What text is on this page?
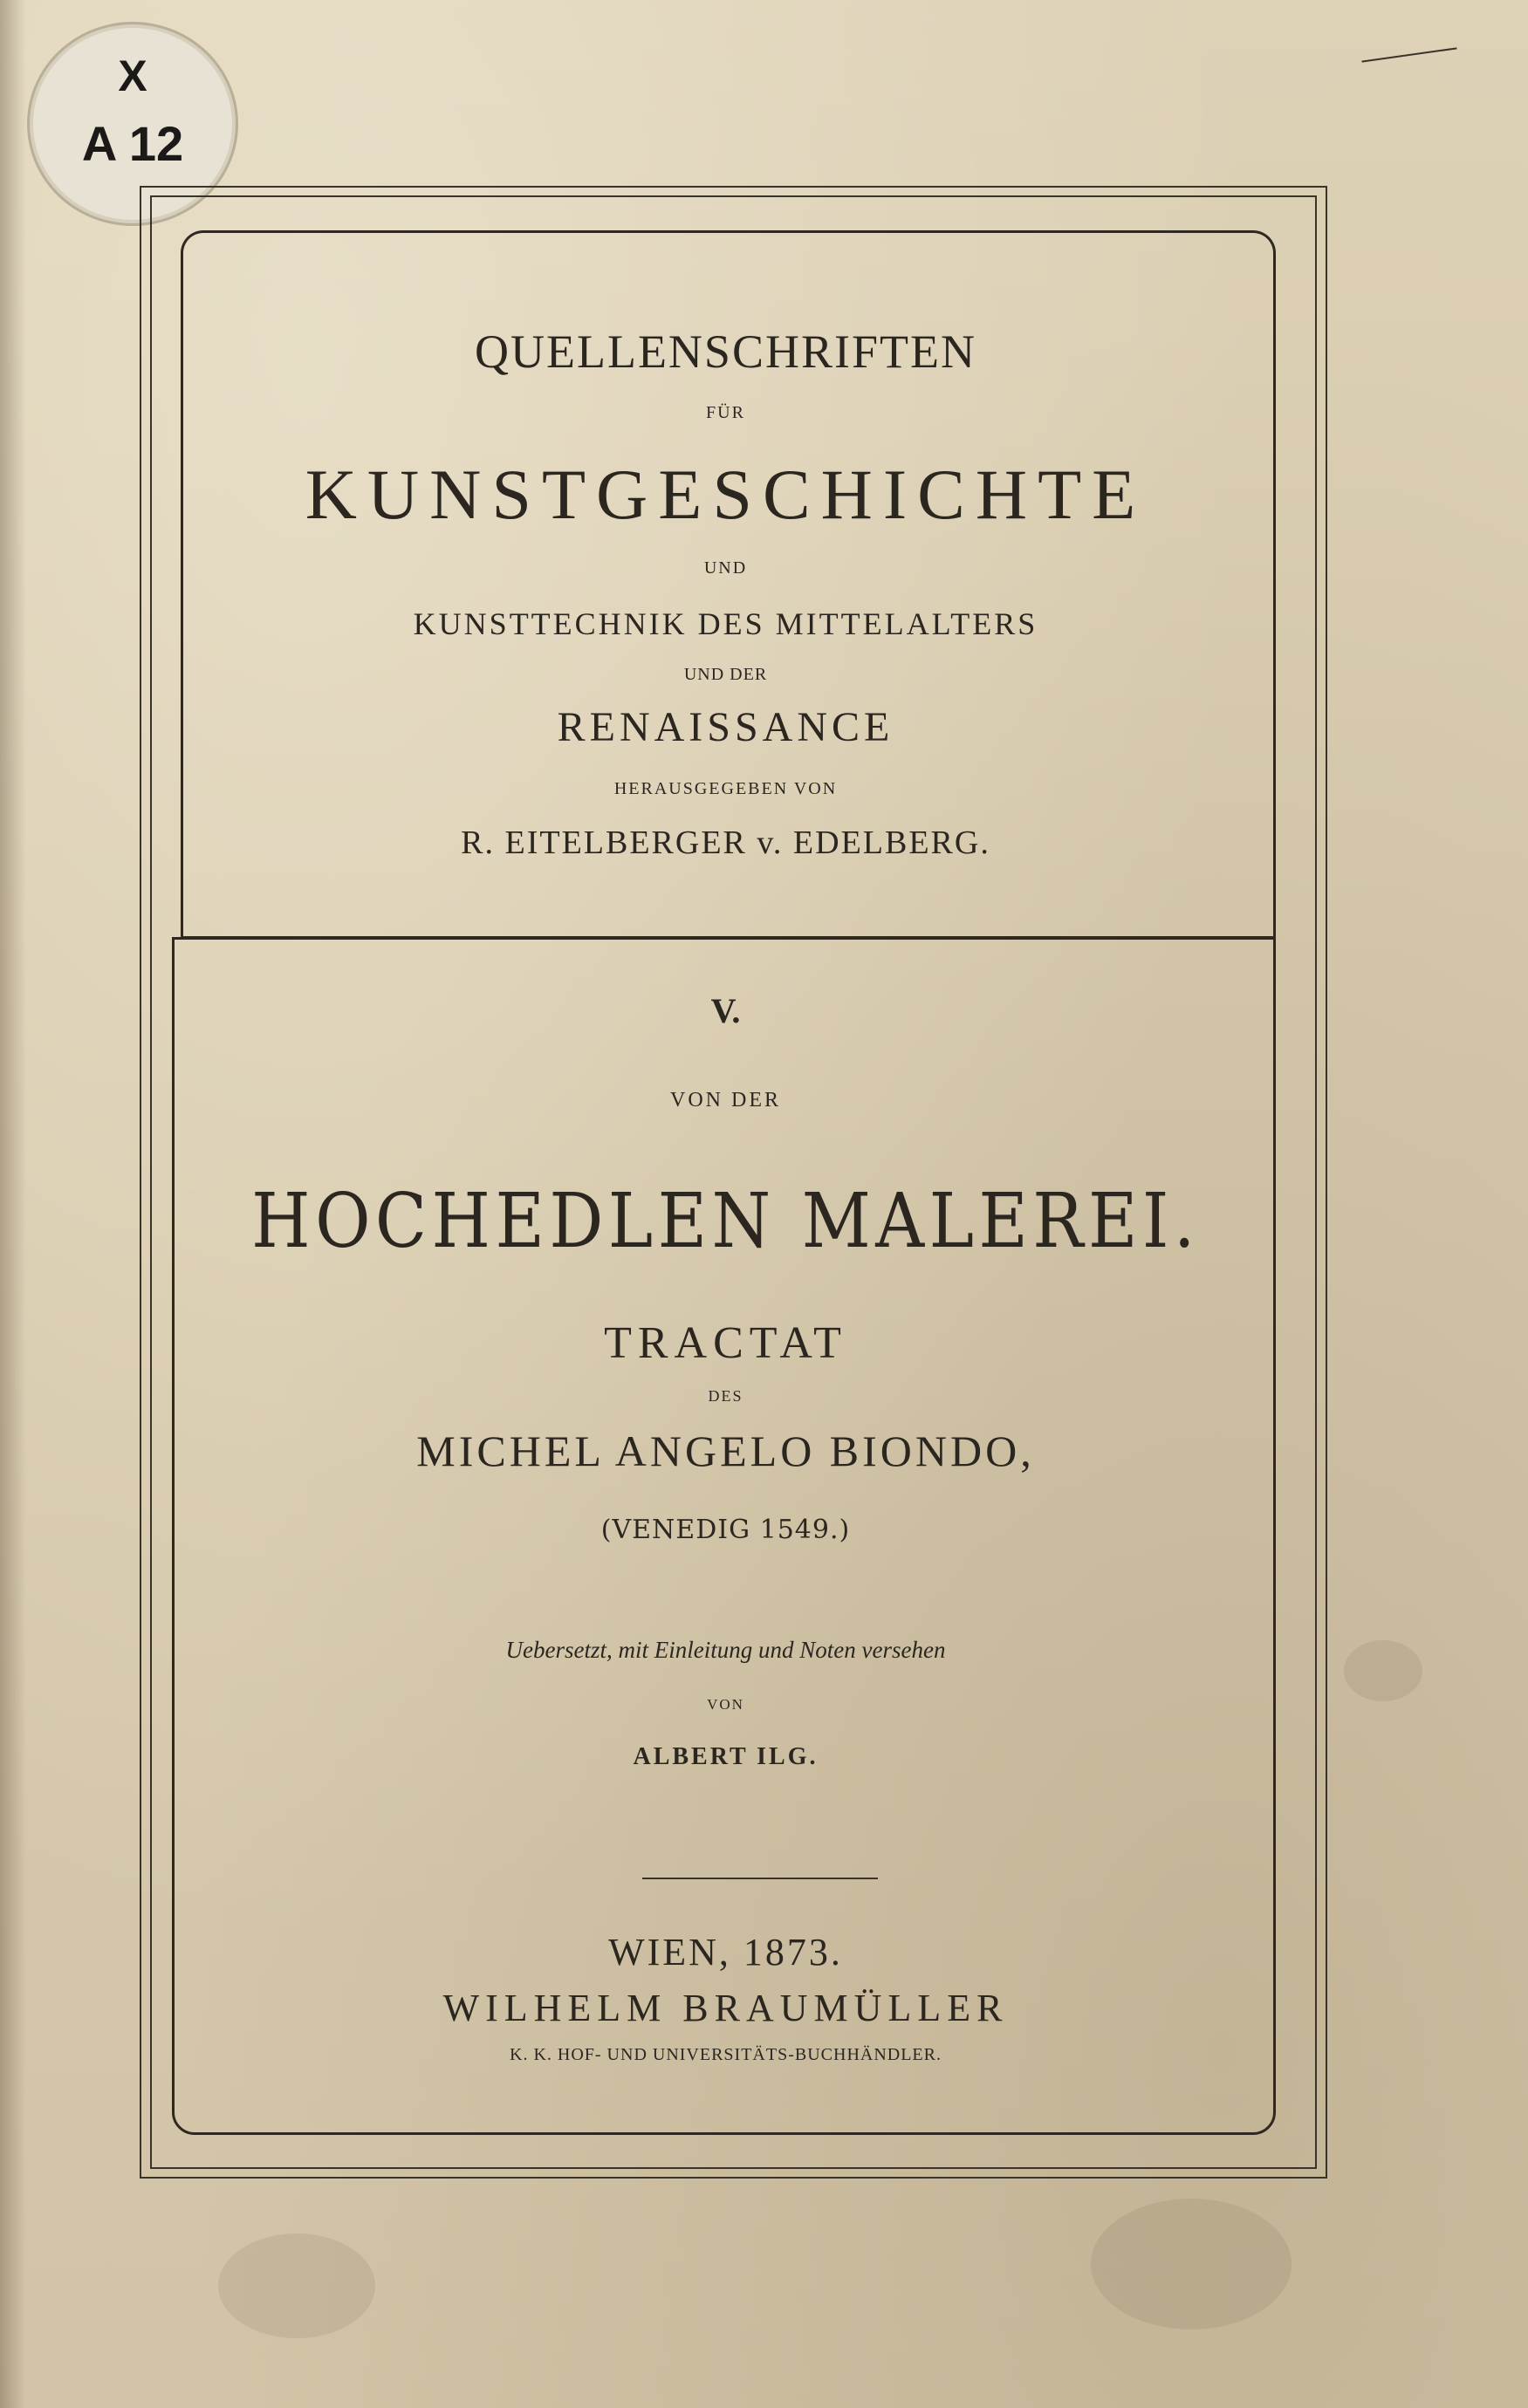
X
A 12

QUELLENSCHRIFTEN

FÜR

KUNSTGESCHICHTE

UND

KUNSTTECHNIK DES MITTELALTERS

UND DER

RENAISSANCE

HERAUSGEGEBEN VON

R. EITELBERGER v. EDELBERG.

V.

VON DER

HOCHEDLEN MALEREI.

TRACTAT

DES

MICHEL ANGELO BIONDO,

(VENEDIG 1549.)

Uebersetzt, mit Einleitung und Noten versehen

VON

ALBERT ILG.

WIEN, 1873.

WILHELM BRAUMÜLLER

K. K. HOF- UND UNIVERSITÄTS-BUCHHÄNDLER.
